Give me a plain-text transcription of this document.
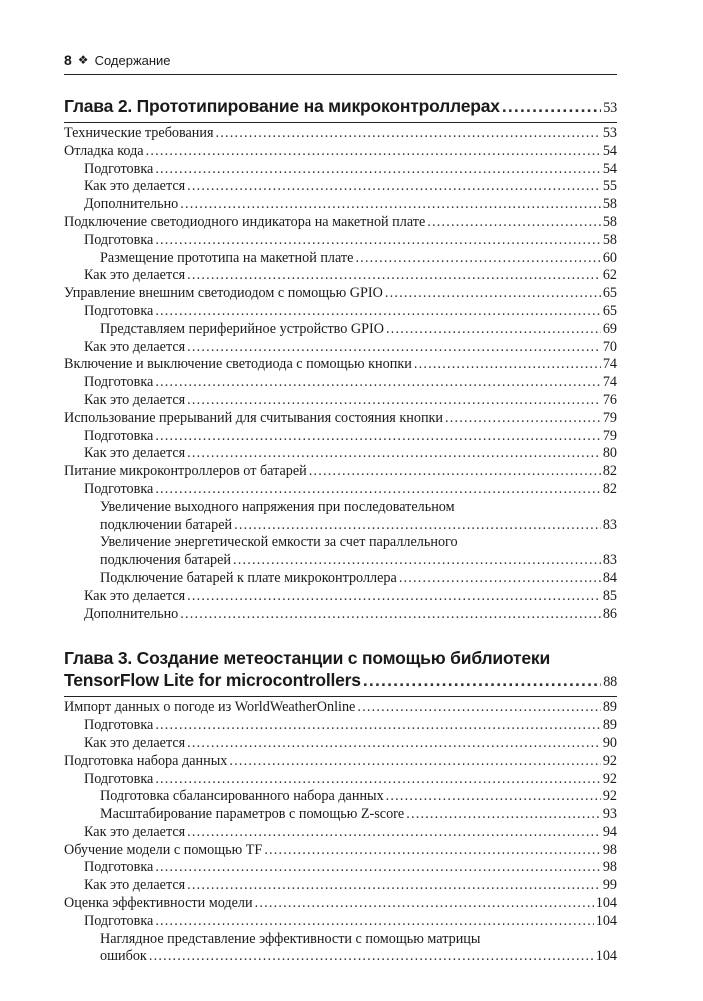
8 ❖ Содержание
Глава 2. Прототипирование на микроконтроллерах .....	53
Технические требования .....	53
Отладка кода .....	54
Подготовка .....	54
Как это делается .....	55
Дополнительно .....	58
Подключение светодиодного индикатора на макетной плате .....	58
Подготовка .....	58
Размещение прототипа на макетной плате .....	60
Как это делается .....	62
Управление внешним светодиодом с помощью GPIO .....	65
Подготовка .....	65
Представляем периферийное устройство GPIO .....	69
Как это делается .....	70
Включение и выключение светодиода с помощью кнопки .....	74
Подготовка .....	74
Как это делается .....	76
Использование прерываний для считывания состояния кнопки .....	79
Подготовка .....	79
Как это делается .....	80
Питание микроконтроллеров от батарей .....	82
Подготовка .....	82
Увеличение выходного напряжения при последовательном
подключении батарей .....	83
Увеличение энергетической емкости за счет параллельного
подключения батарей .....	83
Подключение батарей к плате микроконтроллера .....	84
Как это делается .....	85
Дополнительно .....	86
Глава 3. Создание метеостанции с помощью библиотеки
TensorFlow Lite for microcontrollers .....	88
Импорт данных о погоде из WorldWeatherOnline .....	89
Подготовка .....	89
Как это делается .....	90
Подготовка набора данных .....	92
Подготовка .....	92
Подготовка сбалансированного набора данных .....	92
Масштабирование параметров с помощью Z-score .....	93
Как это делается .....	94
Обучение модели с помощью TF .....	98
Подготовка .....	98
Как это делается .....	99
Оценка эффективности модели .....	104
Подготовка .....	104
Наглядное представление эффективности с помощью матрицы
ошибок .....	104
